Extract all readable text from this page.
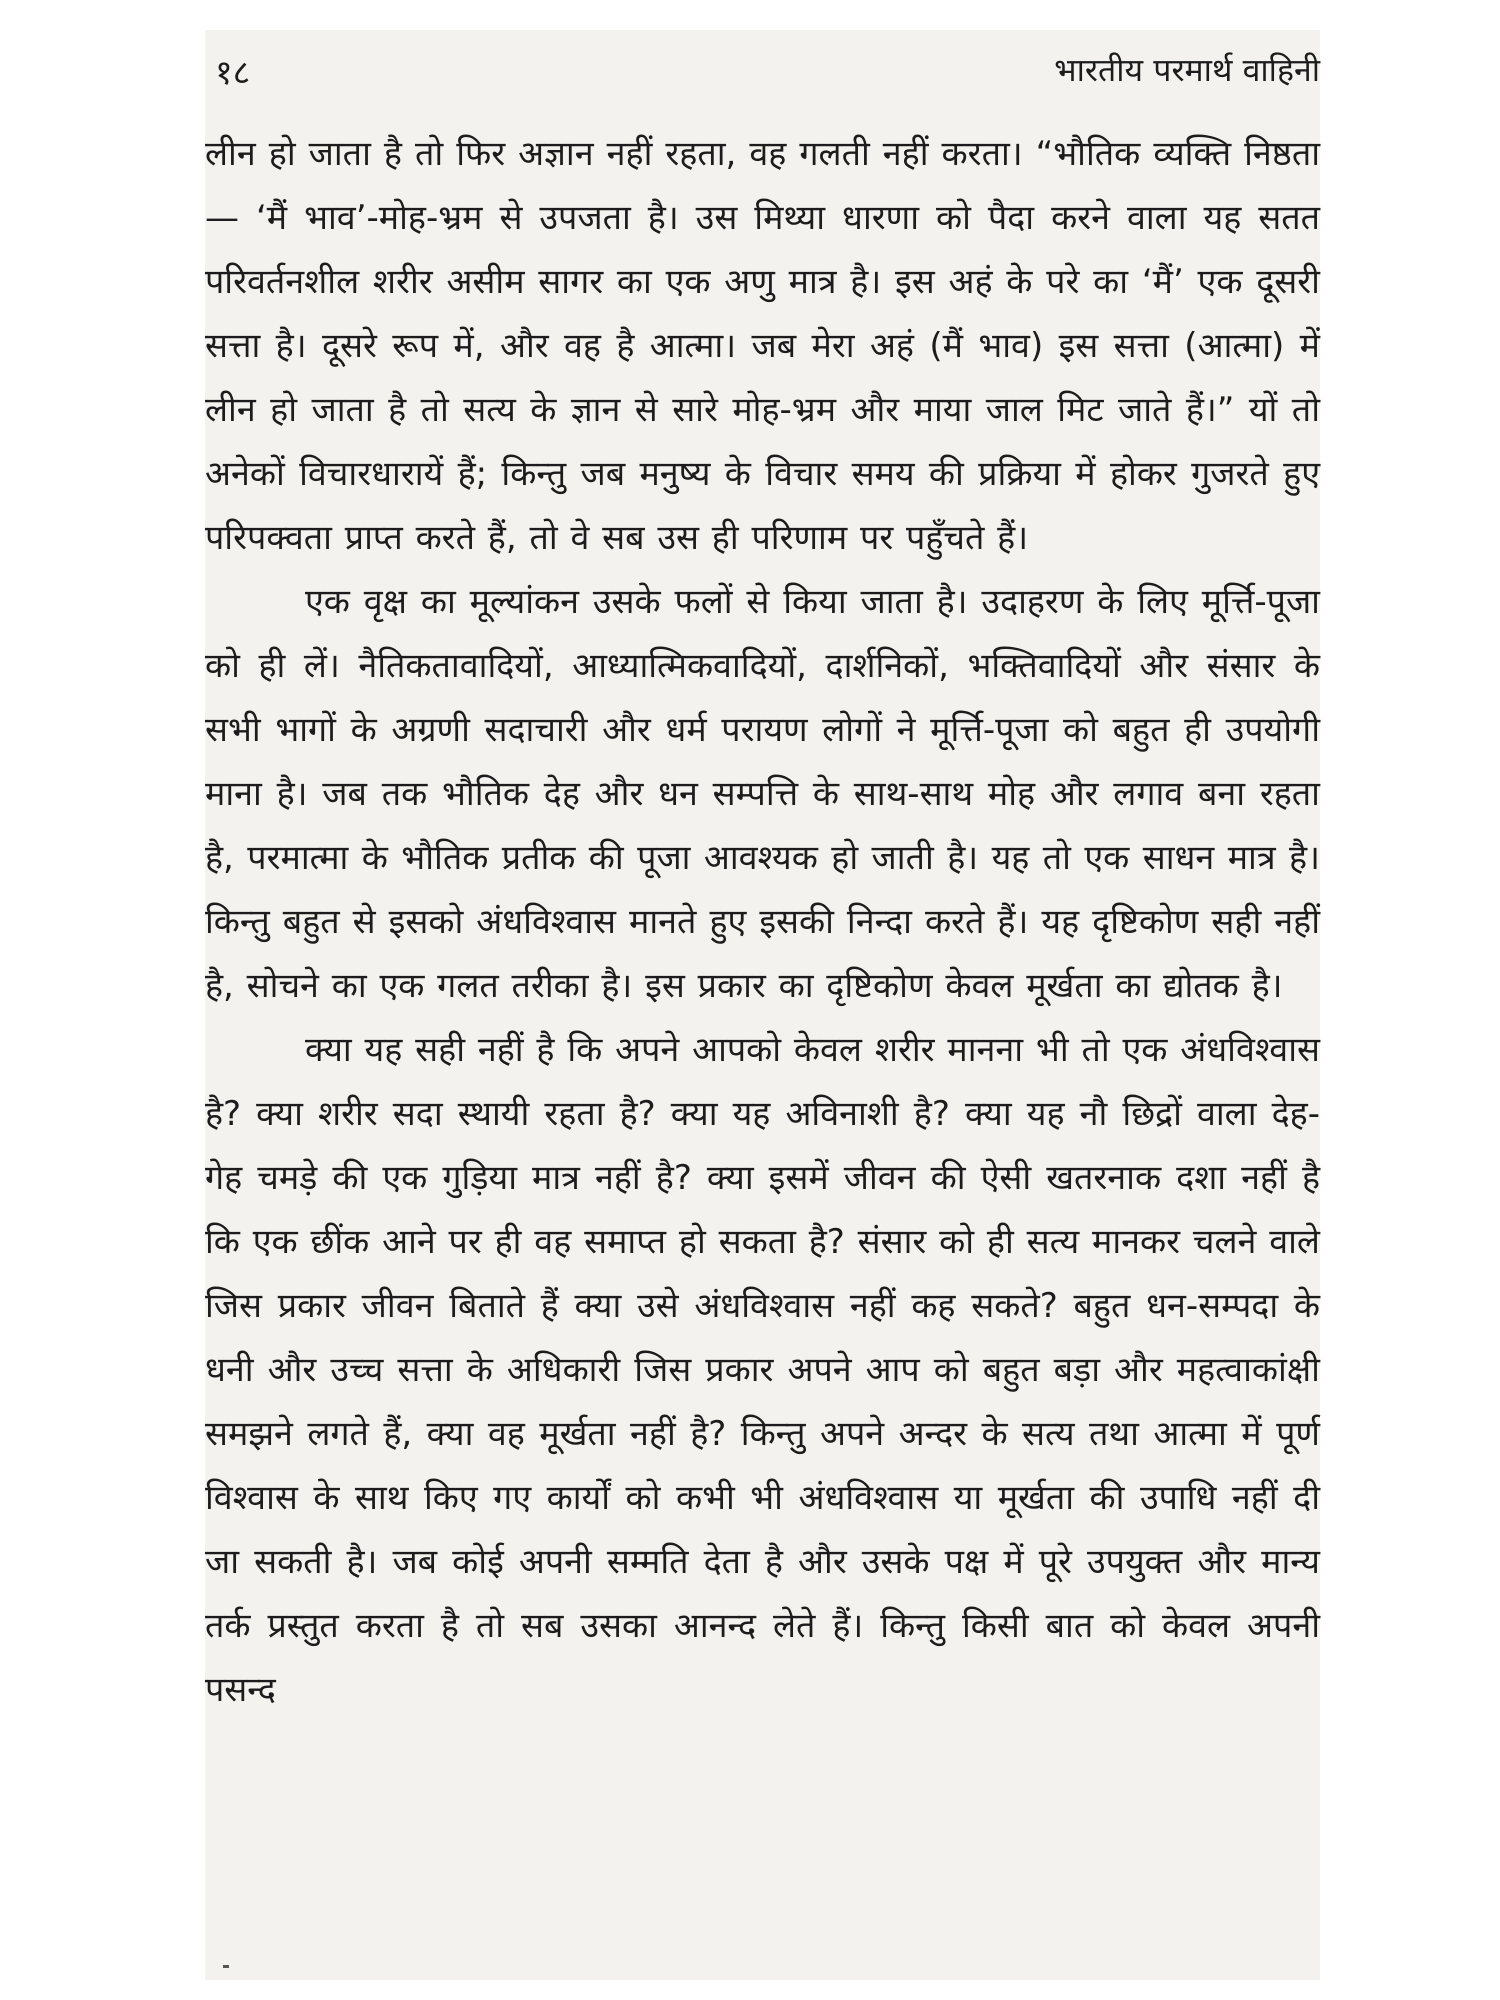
१८	भारतीय परमार्थ वाहिनी

लीन हो जाता है तो फिर अज्ञान नहीं रहता, वह गलती नहीं करता। “भौतिक व्यक्ति निष्ठता— ‘मैं भाव’-मोह-भ्रम से उपजता है। उस मिथ्या धारणा को पैदा करने वाला यह सतत परिवर्तनशील शरीर असीम सागर का एक अणु मात्र है। इस अहं के परे का ‘मैं’ एक दूसरी सत्ता है। दूसरे रूप में, और वह है आत्मा। जब मेरा अहं (मैं भाव) इस सत्ता (आत्मा) में लीन हो जाता है तो सत्य के ज्ञान से सारे मोह-भ्रम और माया जाल मिट जाते हैं।” यों तो अनेकों विचारधारायें हैं; किन्तु जब मनुष्य के विचार समय की प्रक्रिया में होकर गुजरते हुए परिपक्वता प्राप्त करते हैं, तो वे सब उस ही परिणाम पर पहुँचते हैं।

एक वृक्ष का मूल्यांकन उसके फलों से किया जाता है। उदाहरण के लिए मूर्त्ति-पूजा को ही लें। नैतिकतावादियों, आध्यात्मिकवादियों, दार्शनिकों, भक्तिवादियों और संसार के सभी भागों के अग्रणी सदाचारी और धर्म परायण लोगों ने मूर्त्ति-पूजा को बहुत ही उपयोगी माना है। जब तक भौतिक देह और धन सम्पत्ति के साथ-साथ मोह और लगाव बना रहता है, परमात्मा के भौतिक प्रतीक की पूजा आवश्यक हो जाती है। यह तो एक साधन मात्र है। किन्तु बहुत से इसको अंधविश्वास मानते हुए इसकी निन्दा करते हैं। यह दृष्टिकोण सही नहीं है, सोचने का एक गलत तरीका है। इस प्रकार का दृष्टिकोण केवल मूर्खता का द्योतक है।

क्या यह सही नहीं है कि अपने आपको केवल शरीर मानना भी तो एक अंधविश्वास है? क्या शरीर सदा स्थायी रहता है? क्या यह अविनाशी है? क्या यह नौ छिद्रों वाला देह-गेह चमड़े की एक गुड़िया मात्र नहीं है? क्या इसमें जीवन की ऐसी खतरनाक दशा नहीं है कि एक छींक आने पर ही वह समाप्त हो सकता है? संसार को ही सत्य मानकर चलने वाले जिस प्रकार जीवन बिताते हैं क्या उसे अंधविश्वास नहीं कह सकते? बहुत धन-सम्पदा के धनी और उच्च सत्ता के अधिकारी जिस प्रकार अपने आप को बहुत बड़ा और महत्वाकांक्षी समझने लगते हैं, क्या वह मूर्खता नहीं है? किन्तु अपने अन्दर के सत्य तथा आत्मा में पूर्ण विश्वास के साथ किए गए कार्यों को कभी भी अंधविश्वास या मूर्खता की उपाधि नहीं दी जा सकती है। जब कोई अपनी सम्मति देता है और उसके पक्ष में पूरे उपयुक्त और मान्य तर्क प्रस्तुत करता है तो सब उसका आनन्द लेते हैं। किन्तु किसी बात को केवल अपनी पसन्द
